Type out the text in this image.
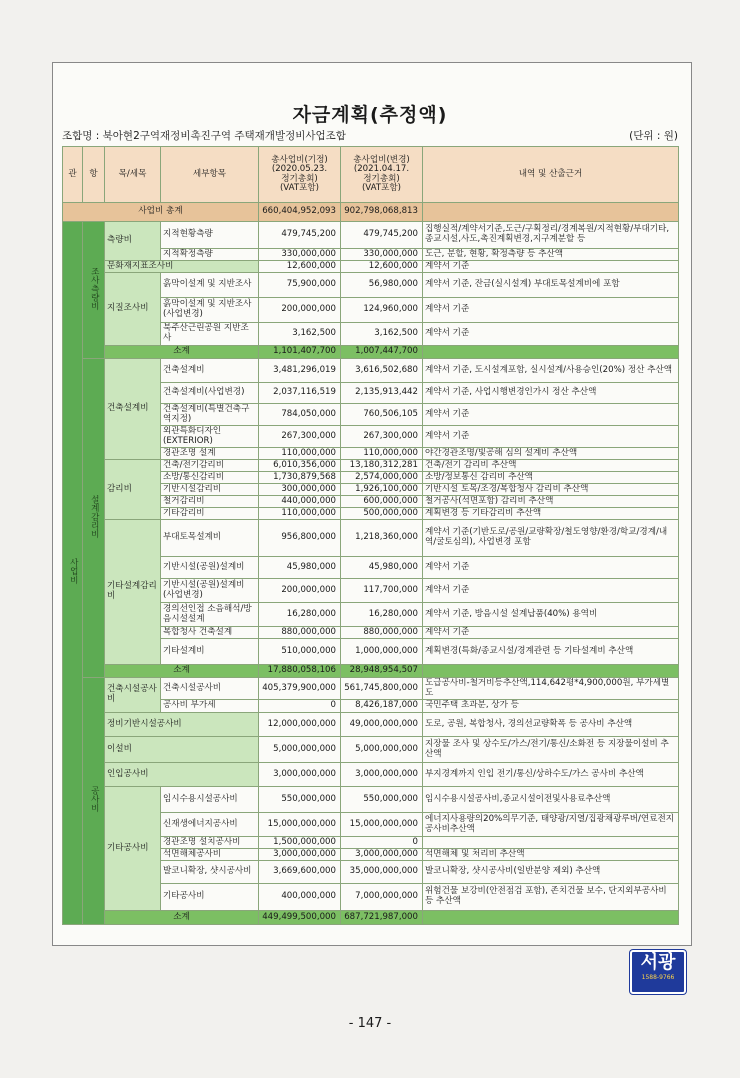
자금계획(추정액)
조합명 : 북아현2구역재정비촉진구역 주택재개발정비사업조합	(단위 : 원)
관	항	목/세목	세부항목	총사업비(기정)
(2020.05.23.
정기총회)
(VAT포함)	총사업비(변경)
(2021.04.17.
정기총회)
(VAT포함)	내역 및 산출근거
사업비 총계				660,404,952,093	902,798,068,813	
사업비	조사측량비	측량비	지적현황측량	479,745,200	479,745,200	집행실적/계약서기준,도근/구획정리/경계복원/지적현황/부대기타,종교시설,사도,촉진계획변경,지구계분할 등
			지적확정측량	330,000,000	330,000,000	도근, 분할, 현황, 확정측량 등 추산액
		문화재지표조사비		12,600,000	12,600,000	계약서 기준
		지질조사비	흙막이설계 및 지반조사	75,900,000	56,980,000	계약서 기준, 잔금(실시설계) 부대토목설계비에 포함
			흙막이설계 및 지반조사(사업변경)	200,000,000	124,960,000	계약서 기준
			북주산근린공원 지반조사	3,162,500	3,162,500	계약서 기준
		소계		1,101,407,700	1,007,447,700	
	설계감리비	건축설계비	건축설계비	3,481,296,019	3,616,502,680	계약서 기준, 도시설계포함, 실시설계/사용승인(20%) 정산 추산액
			건축설계비(사업변경)	2,037,116,519	2,135,913,442	계약서 기준, 사업시행변경인가시 정산 추산액
			건축설계비(특별건축구역지정)	784,050,000	760,506,105	계약서 기준
			외관특화디자인(EXTERIOR)	267,300,000	267,300,000	계약서 기준
			경관조명 설계	110,000,000	110,000,000	야간경관조명/빛공해 심의 설계비 추산액
		감리비	건축/전기감리비	6,010,356,000	13,180,312,281	건축/전기 감리비 추산액
			소방/통신감리비	1,730,879,568	2,574,000,000	소방/정보통신 감리비 추산액
			기반시설감리비	300,000,000	1,926,100,000	기반시설 토목/조경/복합청사 감리비 추산액
			철거감리비	440,000,000	600,000,000	철거공사(석면포함) 감리비 추산액
			기타감리비	110,000,000	500,000,000	계획변경 등 기타감리비 추산액
		기타설계감리비	부대토목설계비	956,800,000	1,218,360,000	계약서 기준(기반도로/공원/교량확장/철도영향/환경/학교/경계/내역/굴토심의), 사업변경 포함
			기반시설(공원)설계비	45,980,000	45,980,000	계약서 기준
			기반시설(공원)설계비(사업변경)	200,000,000	117,700,000	계약서 기준
			경의선인접 소음해석/방음시설설계	16,280,000	16,280,000	계약서 기준, 방음시설 설계납품(40%) 용역비
			복합청사 건축설계	880,000,000	880,000,000	계약서 기준
			기타설계비	510,000,000	1,000,000,000	계획변경(특화/종교시설/경계관련 등 기타설계비 추산액
		소계		17,880,058,106	28,948,954,507	
	공사비	건축시설공사비	건축시설공사비	405,379,900,000	561,745,800,000	도급공사비-철거비등추산액,114,642평*4,900,000원, 부가세별도
			공사비 부가세	0	8,426,187,000	국민주택 초과분, 상가 등
		정비기반시설공사비		12,000,000,000	49,000,000,000	도로, 공원, 복합청사, 경의선교량확폭 등 공사비 추산액
		이설비		5,000,000,000	5,000,000,000	지장물 조사 및 상수도/가스/전기/통신/소화전 등 지장물이설비 추산액
		인입공사비		3,000,000,000	3,000,000,000	부지경계까지 인입 전기/통신/상하수도/가스 공사비 추산액
		기타공사비	임시수용시설공사비	550,000,000	550,000,000	임시수용시설공사비,종교시설이전및사용료추산액
			신재생에너지공사비	15,000,000,000	15,000,000,000	에너지사용량의20%의무기준, 태양광/지열/집광채광루버/연료전지공사비추산액
			경관조명 설치공사비	1,500,000,000	0	
			석면해체공사비	3,000,000,000	3,000,000,000	석면해체 및 처리비 추산액
			발코니확장, 샷시공사비	3,669,600,000	35,000,000,000	발코니확장, 샷시공사비(일반분양 제외) 추산액
			기타공사비	400,000,000	7,000,000,000	위험건물 보강비(안전점검 포함), 존치건물 보수, 단지외부공사비 등 추산액
		소계		449,499,500,000	687,721,987,000	
서광
1588-9766
- 147 -
